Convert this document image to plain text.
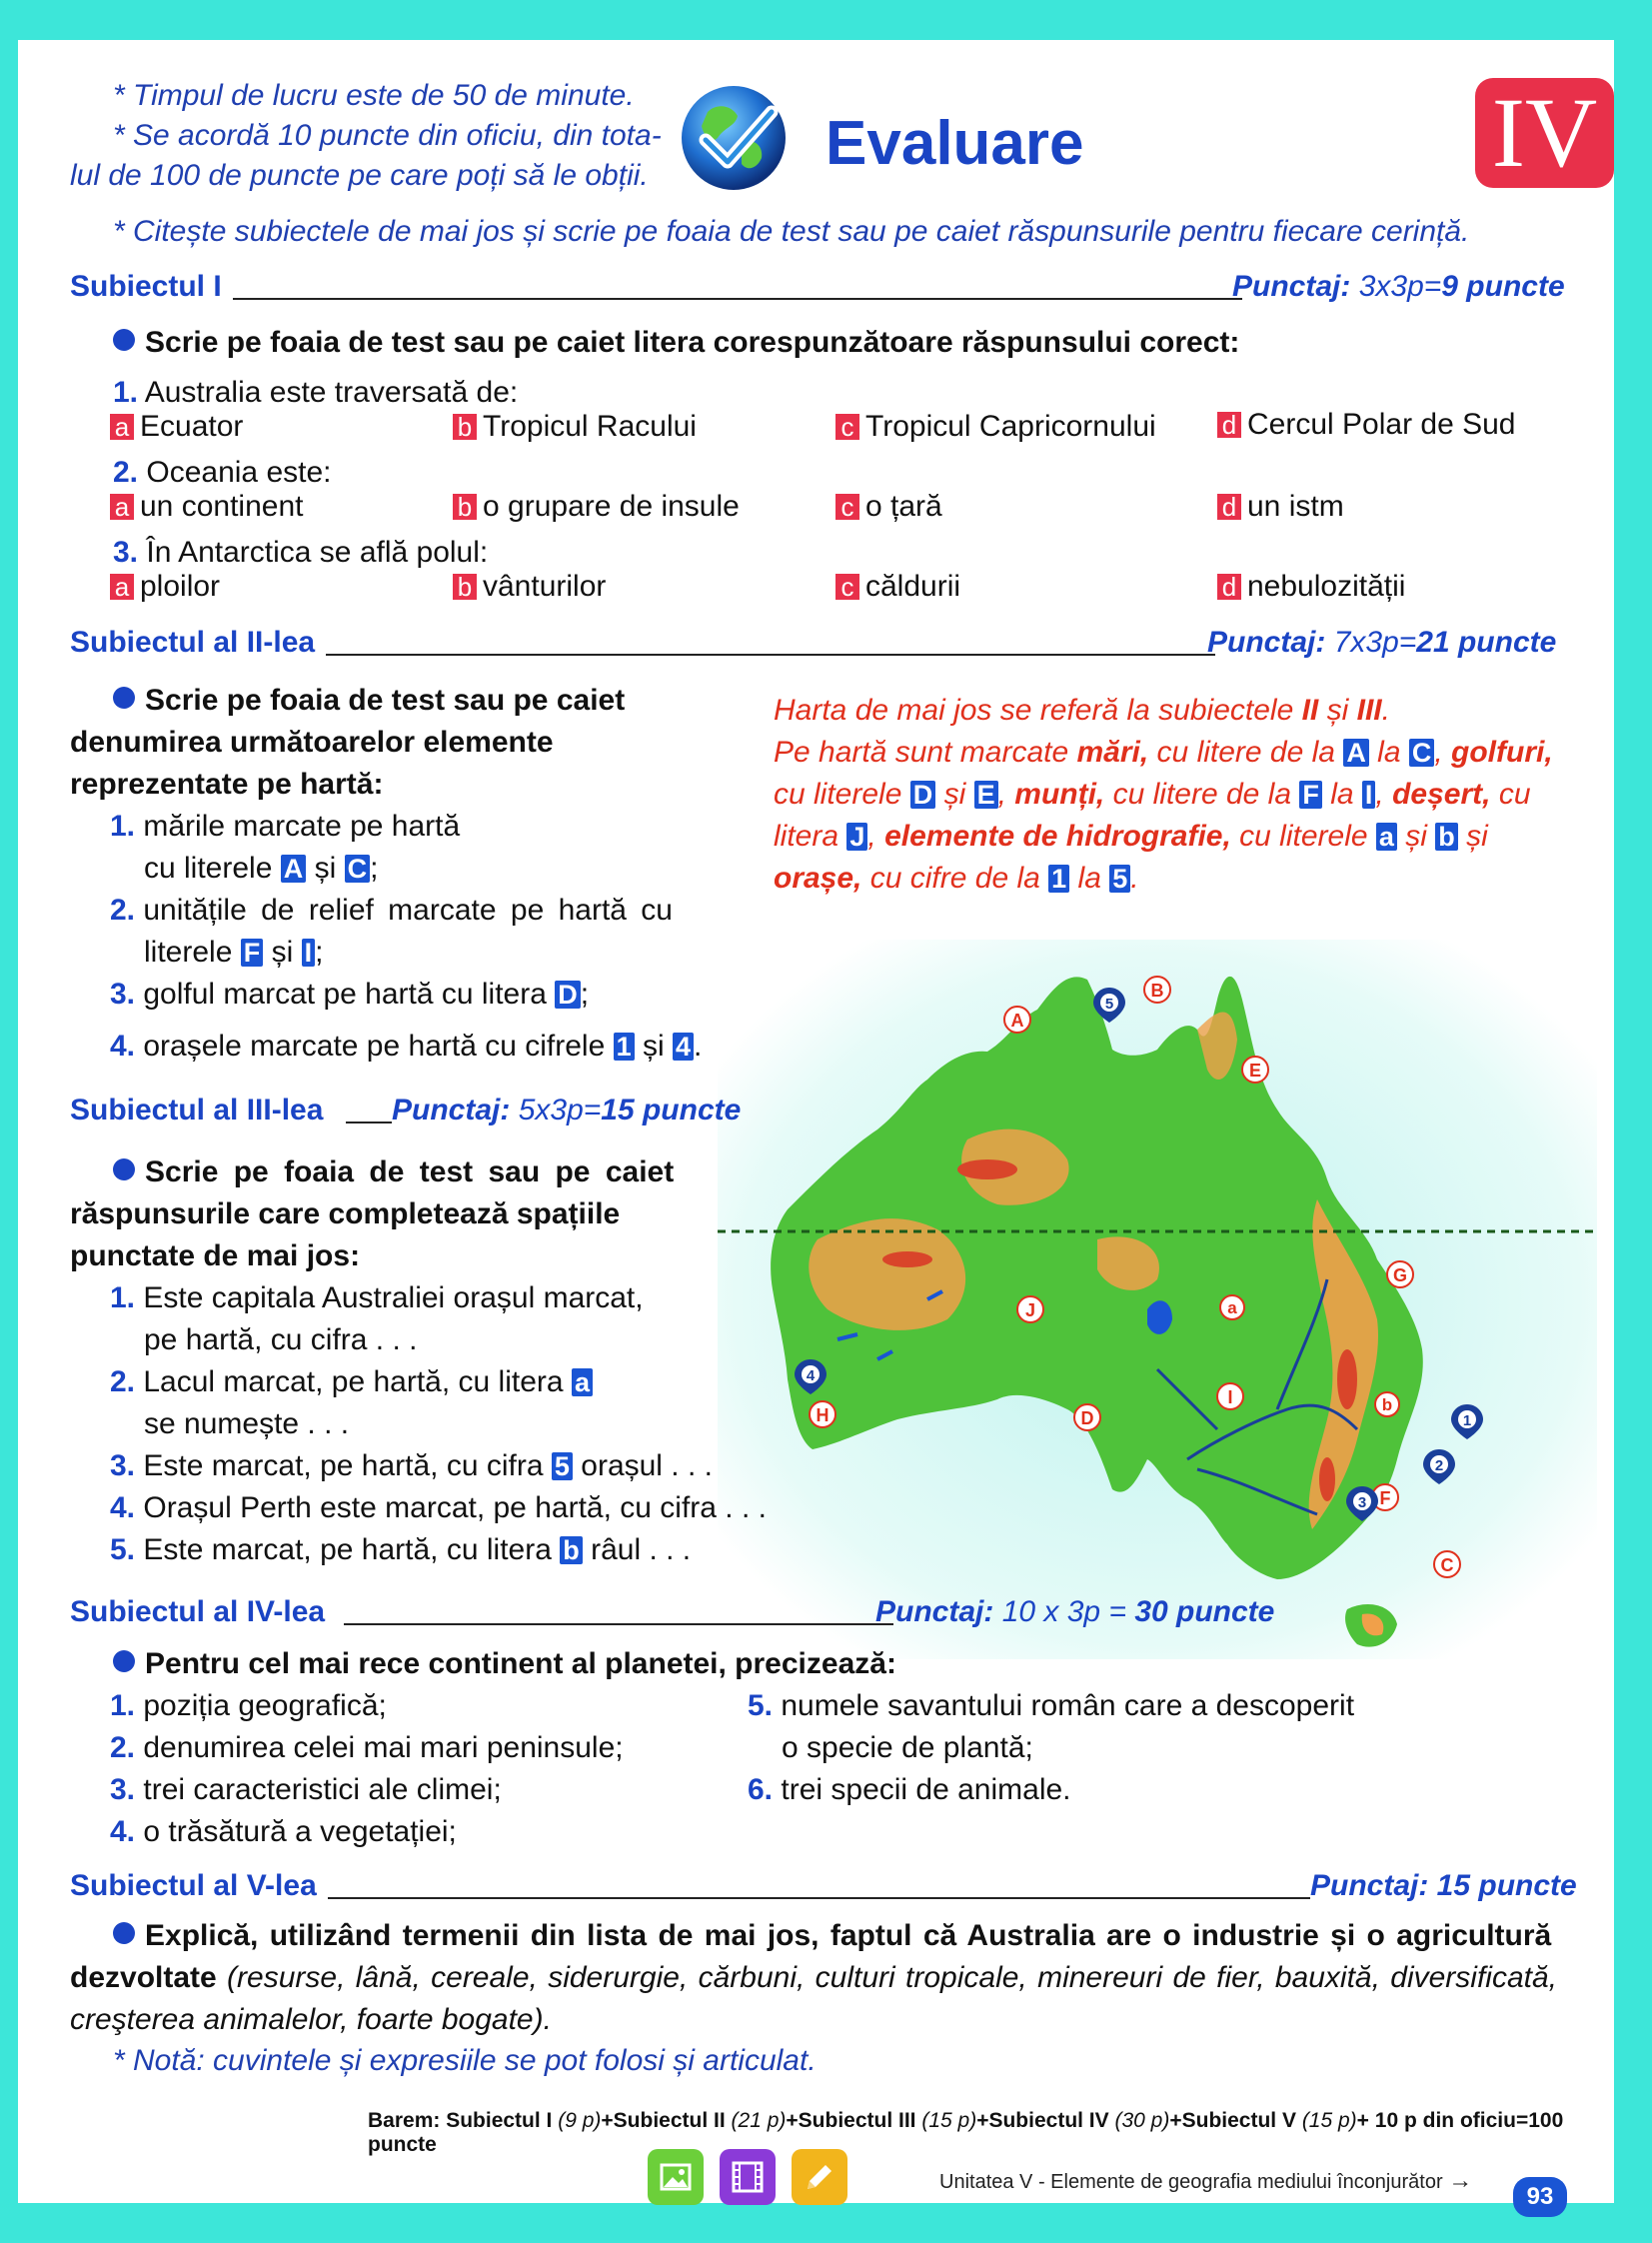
* Timpul de lucru este de 50 de minute.
* Se acordă 10 puncte din oficiu, din tota-
lul de 100 de puncte pe care poți să le obții.	Evaluare	IV
* Citește subiectele de mai jos și scrie pe foaia de test sau pe caiet răspunsurile pentru fiecare cerință.
Subiectul I	Punctaj: 3x3p=9 puncte
Scrie pe foaia de test sau pe caiet litera corespunzătoare răspunsului corect:
1. Australia este traversată de:
a Ecuator	b Tropicul Racului	c Tropicul Capricornului	d Cercul Polar de Sud
2. Oceania este:
a un continent	b o grupare de insule	c o țară	d un istm
3. În Antarctica se află polul:
a ploilor	b vânturilor	c căldurii	d nebulozității
Subiectul al II-lea	Punctaj: 7x3p=21 puncte
Scrie pe foaia de test sau pe caiet
denumirea următoarelor elemente
reprezentate pe hartă:
1. mările marcate pe hartă
cu literele A și C ;
2. unitățile de relief marcate pe hartă cu
literele F și I ;
3. golful marcat pe hartă cu litera D ;
4. orașele marcate pe hartă cu cifrele 1 și 4 .
Harta de mai jos se referă la subiectele II și III.
Pe hartă sunt marcate mări, cu litere de la A la C , golfuri,
cu literele D și E , munți, cu litere de la F la I , deșert, cu
litera J , elemente de hidrografie, cu literele a și b și
orașe, cu cifre de la 1 la 5 .
A
B
C
D
E
F
G
H
I
J	a
b
1
2
3
4
5
Subiectul al III-lea Punctaj: 5x3p=15 puncte
Scrie pe foaia de test sau pe caiet
răspunsurile care completează spațiile
punctate de mai jos:
1. Este capitala Australiei orașul marcat,
pe hartă, cu cifra . . .
2. Lacul marcat, pe hartă, cu litera a
se numește . . .
3. Este marcat, pe hartă, cu cifra 5 orașul . . .
4. Orașul Perth este marcat, pe hartă, cu cifra . . .
5. Este marcat, pe hartă, cu litera b râul . . .
Subiectul al IV-lea	Punctaj: 10 x 3p = 30 puncte
Pentru cel mai rece continent al planetei, precizează:
1. poziția geografică;
2. denumirea celei mai mari peninsule;
3. trei caracteristici ale climei;
4. o trăsătură a vegetației;
5. numele savantului român care a descoperit
o specie de plantă;
6. trei specii de animale.
Subiectul al V-lea	Punctaj: 15 puncte
Explică, utilizând termenii din lista de mai jos, faptul că Australia are o industrie și o agricultură
dezvoltate (resurse, lână, cereale, siderurgie, cărbuni, culturi tropicale, minereuri de fier, bauxită, diversificată,
creşterea animalelor, foarte bogate).
* Notă: cuvintele și expresiile se pot folosi și articulat.
Barem: Subiectul I (9 p)+Subiectul II (21 p)+Subiectul III (15 p)+Subiectul IV (30 p)+Subiectul V (15 p)+ 10 p din oficiu=100 puncte
Unitatea V - Elemente de geografia mediului înconjurător →
93
